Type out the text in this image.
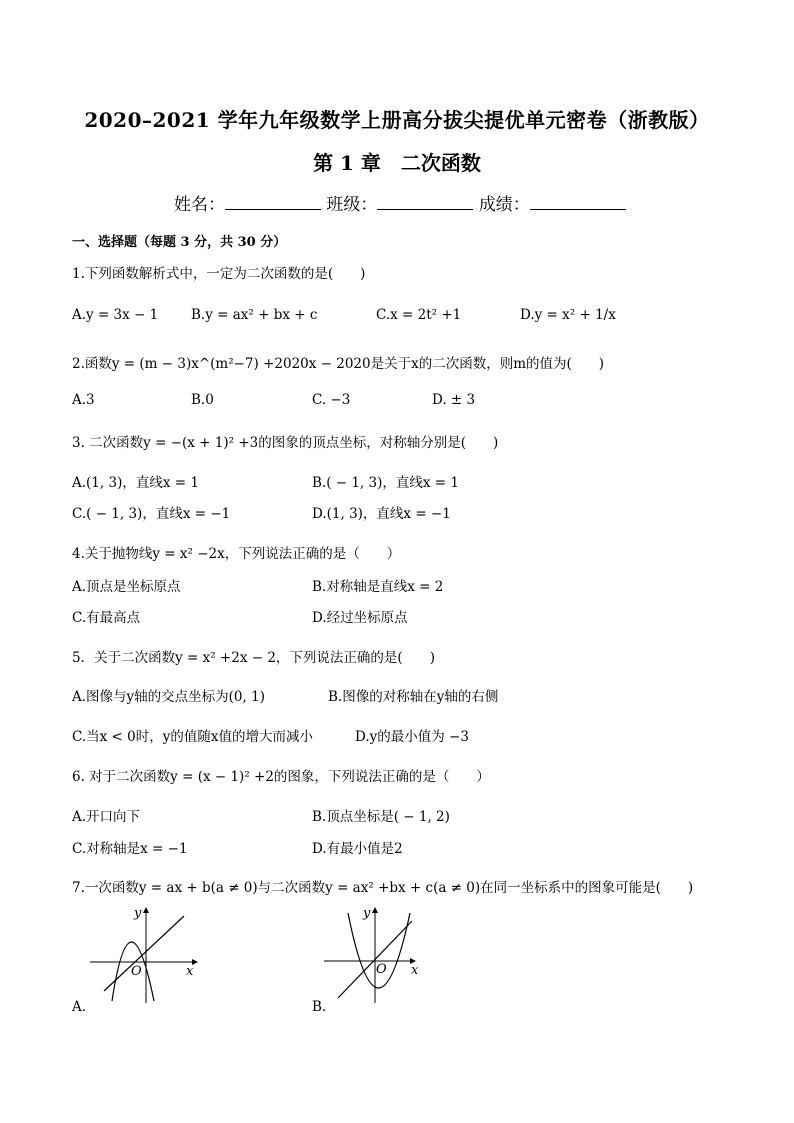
2020–2021 学年九年级数学上册高分拔尖提优单元密卷（浙教版）
第 1 章　二次函数
姓名：	班级：	成绩：
一、选择题（每题 3 分，共 30 分）
1.下列函数解析式中，一定为二次函数的是(　　)
A.y = 3x − 1 B.y = ax² + bx + c	C.x = 2t² +1	D.y = x² + 1/x
2.函数y = (m − 3)x^(m²−7) +2020x − 2020是关于x的二次函数，则m的值为(　　)
A.3	B.0	C. −3	D. ± 3
3. 二次函数y = −(x + 1)² +3的图象的顶点坐标，对称轴分别是(　　)
A.(1, 3)，直线x = 1	B.( − 1, 3)，直线x = 1
C.( − 1, 3)，直线x = −1	D.(1, 3)，直线x = −1
4.关于抛物线y = x² −2x，下列说法正确的是（　　）
A.顶点是坐标原点	B.对称轴是直线x = 2
C.有最高点	D.经过坐标原点
5．关于二次函数y = x² +2x − 2，下列说法正确的是(　　)
A.图像与y轴的交点坐标为(0, 1)	B.图像的对称轴在y轴的右侧
C.当x < 0时，y的值随x值的增大而减小	D.y的最小值为 −3
6. 对于二次函数y = (x − 1)² +2的图象，下列说法正确的是（　　）
A.开口向下	B.顶点坐标是( − 1, 2)
C.对称轴是x = −1	D.有最小值是2
7.一次函数y = ax + b(a ≠ 0)与二次函数y = ax² +bx + c(a ≠ 0)在同一坐标系中的图象可能是(　　)
y
x
O
A.
y
x
O
B.
